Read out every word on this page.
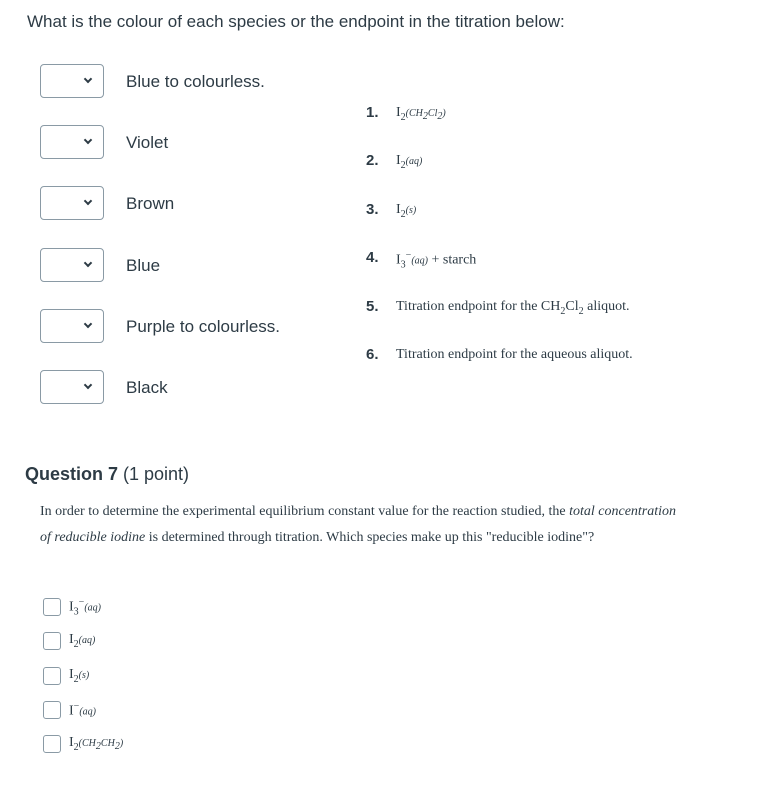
What is the colour of each species or the endpoint in the titration below:
Blue to colourless.
Violet
Brown
Blue
Purple to colourless.
Black
1. $I_2(CH_2Cl_2)$
2. $I_2(aq)$
3. $I_2(s)$
4. $I_3^-(aq)$ + starch
5. Titration endpoint for the $CH_2Cl_2$ aliquot.
6. Titration endpoint for the aqueous aliquot.
Question 7 (1 point)
In order to determine the experimental equilibrium constant value for the reaction studied, the total concentration of reducible iodine is determined through titration. Which species make up this "reducible iodine"?
$I_3^-(aq)$
$I_2(aq)$
$I_2(s)$
I−(aq)
$I_2(CH_2CH_2)$
